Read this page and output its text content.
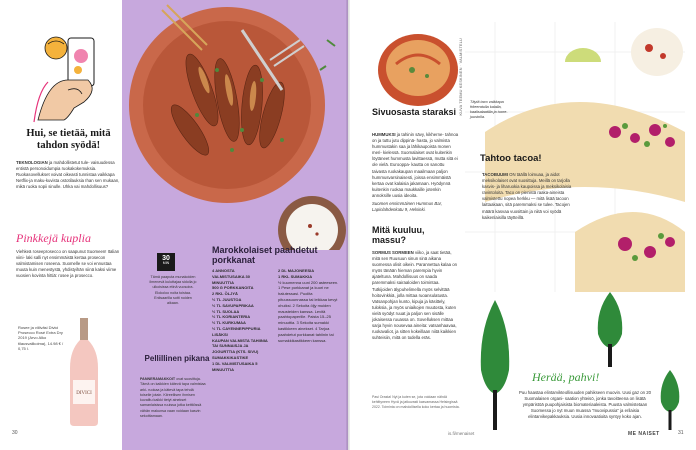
Hui, se tietää, mitä tahdon syödä!
TEKNOLOGIAN ja mahdollistetut tule- vaisuudessa entistä personoidumpia ruokakokemuksia. Ruokasovellukset voivat oikeasti tunnistaa vaikkapa Netflix-ja maku-kuvista ostotilauksia Ihan sen mukaan, mikä ruoka sopii sinulle. Uhka vai mahdollisuus?
Pinkkejä kuplia
Viehkeä roseeprosecco on saapunut Suomeen! Italian viini- laki salli nyt ensimmäistä kertaa prosecon valmistamisen roseena. Suomelle se voi ennustaa muuta kuin menestystä, yhdistyihän siinä kaksi viime vuosien kovinta hittiä: rosee ja prosecco.
Rosee ja viiliväsi Divici Prosecco Rosé Extra Dry 2019 (Arvo Alko tilausvalikoima), 14.98 € / 0,75 l.
DIVICI
30
30
MIN
Tämä paaputa munakoiden ilmenevä kuluttajaa sidolla jo ulkoisissa etinä vuosoira. Elokoloo noita toistaa. Enlisaarilla sotti noiden aikaan.
Marokkolaiset paahdetut porkkanat
4 ANNOSTA
VALMISTUSAIKA 30 MINUUTTIA
500 G PORKKANOITA
2 RKL ÖLJYÄ
½ TL JUUSTOA
½ TL SAVUPAPRIKAA
½ TL SUOLAA
½ TL KORIANTERIA
½ TL KURKUMAA
½ TL CAYENNEPIPPURIA
LISÄKSI
KAUPAN VALMISTA TAHIINIA TAI SUNNAISJA JA JOGURTTIA (KTS. SIVU) SUMAKKIKASTIKE
1 DL VALMISTUSAIKA 5 MINUUTTIA
2 DL MAJONEESIA
1 RKL SUMAKKIA
½ kuumenna uuni 200 asteeseen.
1 Pese porkkanat ja kuori ne halutessasi. Puolita pituussuunnassa tai leikkaa kevyt ohuiksi. 2 Sekoita öljy muiden mausteiden kanssa. Levitä paahtopaperille. Paista 15–25 minuuttia. 3 Sekoita sumakki kastikkeen ainekset. 4 Tarjoa paahdetut porkkanat tahiinin tai sumakkikastikkeen kanssa.
Pellillinen pikana
PANNERAMAKKOIT ovat suosittuja. Tämä on kaikkien kätevä tapa valmistaa arki- ruokaa ja kätevä tapa tehdä toiselle jotain. Kiireellisen ihmisen kuvailtu kaikki tietyt ainekset samanlaisissa ruuissa jotka keittiössä vähän makunsa vaan voidaan kasvin sekoittamaan.
KUVA TEEMU KESKINEN · VALMISTELU
Sivuosasta staraksi
HUMMUKSI ja tahinin sävy, kikherne- tahnoa on ja tuttu jutu dippinä- hasta, jo valmista hummustakin saa ja lähikaupoista monen meri- kielessä. Suomalaiset ovat kuitenkin löytäneet hummusta lavittaessä, mutta sitä ei ole vielä. Eurooppa- kautta on sanottu taivasta ruokakaupan maailmaan paljon hummusvarsinaisesti, joissa ensimmäistä kertaa ovat kalaisia jakamaan. Hyödynnä kuitenkin ruokaa maukkaille jotenkin annoksille uusia ideoita.
Suomen ensimmäinen Hummus Bar, Lapinlahdenkatu 9, Helsinki.
Mitä kuuluu, massu?
SORMUS SORMEEN viiko, ja saat tietää, mitä sen Ruusuun sinun sinä aikana suomessa olisit oikein. Parannettua kalaa on myös tänään hieman parempia hyvin ajateltuna. Mahdollisuus on saada paremmaksi sairaaloiden toimintaa. Tutkijoiden älypuhelimella myös selvittää hoitovinkkiä, jolla mittaa ruoansulatusta. Vatsanpohjan kunto, kipuja ja käsittely, tuloksia, ja myös uniaikojen muutosta, kuten vielä syödyt ruuat ja paljon sen sisälle jokaisessa ruuassa on. Sovelluksen mittaa sarja hyvin nousevaa aineita: vatsanhaavaa, ruokavaliot, ja sitten kokeillaan niitä kaikkien suhteisiin, mitä on todella eräs.
Pasi Orasta! Nyt ja kuten se, jota voidaan nähdä kehittyneen Hyvä ja jatkuvasti kasvamassa Helsingissä 2022. Toiminta on mahdollisella koko kertaa ja huomista.
is.fi/menaiset
Täytä taco vaikkapa friteeratulla kalalla, kaalisalaatilla ja tuore- juustolla.
Tahtoo tacoa!
TACOBUUMI ON täällä loimuaa, ja aidot meksikolaiset ovat suosittuja. Meillä on tarjolla kasvis- ja liharuokia kaupoissa ja meksikolaisia ravintoloita. Taco on pienistä raaka-aineista valmistettu nopea herkku — mitä lisää tacoon laittaakaan, sitä paremmaksi se tulee. Tacojen määrä kasvaa vuosittain ja niitä voi syödä kaikenlaisilla täytteillä.
Herää, pahvi!
Puu haastaa elintarvikteollisuuden pahikseen muovin. Uusi gaz on 20 Suomalaisen organi- saation yhteisö, jonka tavoitteena on lisätä ympäristöä puupohjaisista biomateriaaleista. Puusta valmistetaan Suomessa jo nyt muun muassa "muovipussia" ja erilaisia elintarvikepakkauksia. Uusia innovaatioita syntyy koko ajan.
ME NAISET	31
